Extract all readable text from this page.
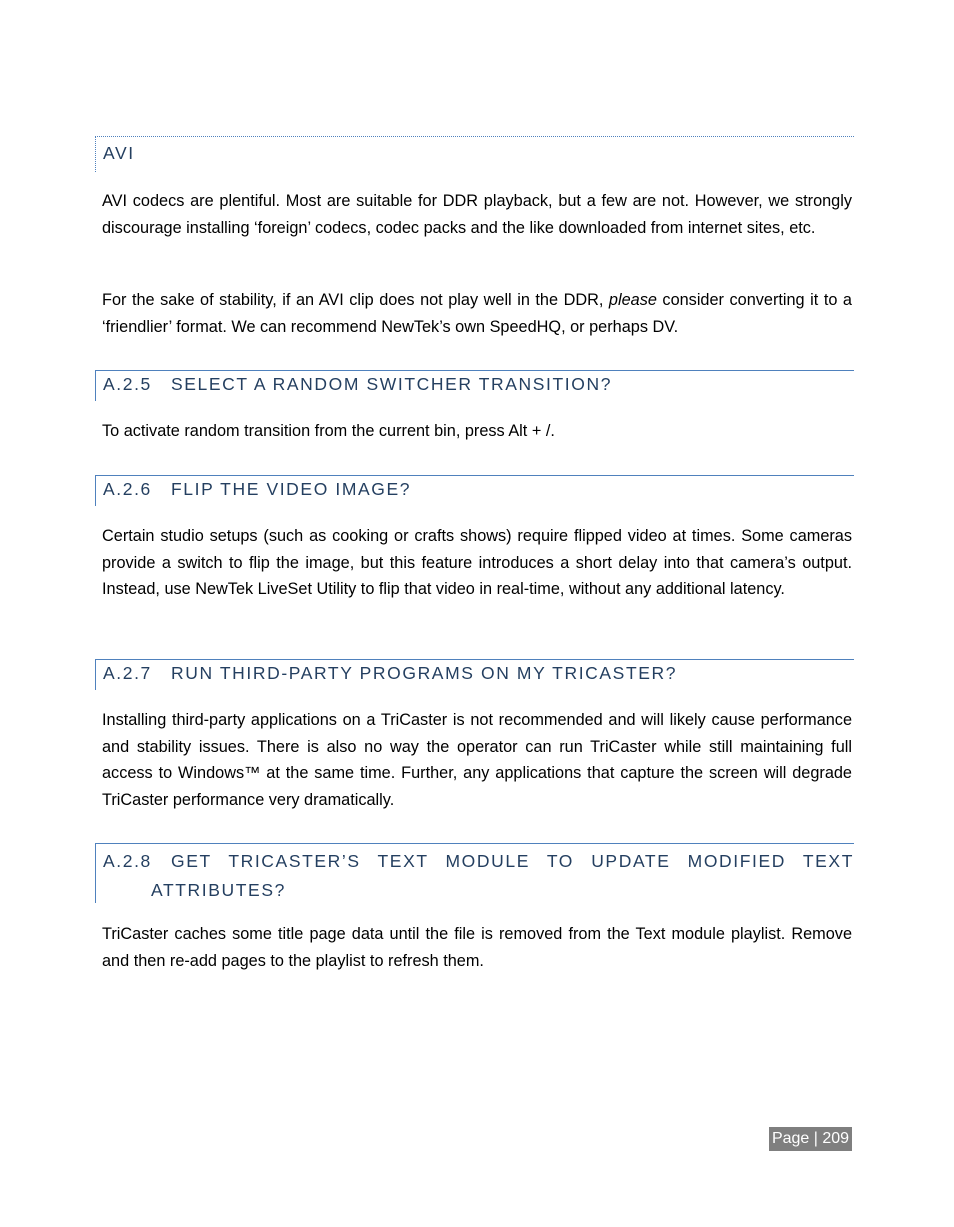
AVI

AVI codecs are plentiful. Most are suitable for DDR playback, but a few are not. However, we strongly discourage installing ‘foreign’ codecs, codec packs and the like downloaded from internet sites, etc.

For the sake of stability, if an AVI clip does not play well in the DDR, please consider converting it to a ‘friendlier’ format. We can recommend NewTek’s own SpeedHQ, or perhaps DV.

A.2.5 SELECT A RANDOM SWITCHER TRANSITION?

To activate random transition from the current bin, press Alt + /.

A.2.6 FLIP THE VIDEO IMAGE?

Certain studio setups (such as cooking or crafts shows) require flipped video at times. Some cameras provide a switch to flip the image, but this feature introduces a short delay into that camera’s output. Instead, use NewTek LiveSet Utility to flip that video in real-time, without any additional latency.

A.2.7 RUN THIRD-PARTY PROGRAMS ON MY TRICASTER?

Installing third-party applications on a TriCaster is not recommended and will likely cause performance and stability issues. There is also no way the operator can run TriCaster while still maintaining full access to Windows™ at the same time. Further, any applications that capture the screen will degrade TriCaster performance very dramatically.

A.2.8 GET TRICASTER’S TEXT MODULE TO UPDATE MODIFIED TEXT
ATTRIBUTES?

TriCaster caches some title page data until the file is removed from the Text module playlist. Remove and then re-add pages to the playlist to refresh them.

Page | 209
